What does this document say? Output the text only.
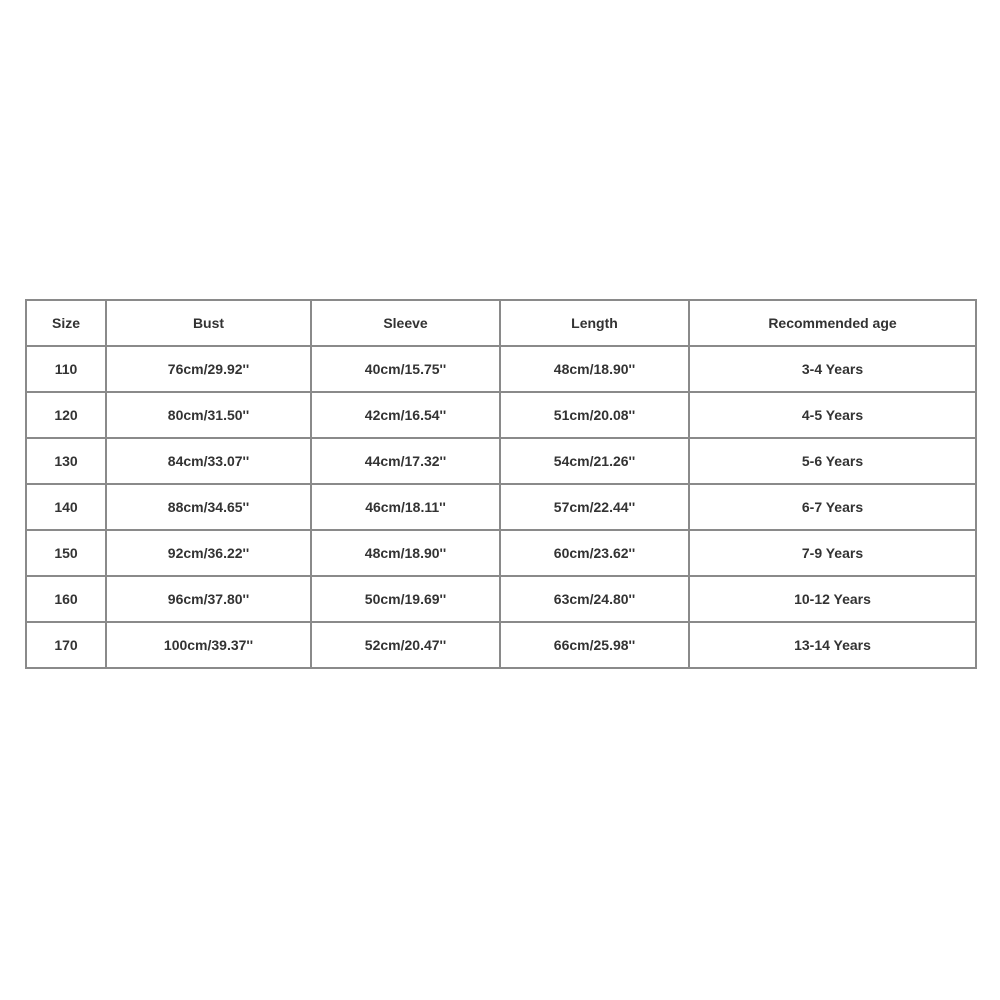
Size	Bust	Sleeve	Length	Recommended age
110	76cm/29.92''	40cm/15.75''	48cm/18.90''	3-4 Years
120	80cm/31.50''	42cm/16.54''	51cm/20.08''	4-5 Years
130	84cm/33.07''	44cm/17.32''	54cm/21.26''	5-6 Years
140	88cm/34.65''	46cm/18.11''	57cm/22.44''	6-7 Years
150	92cm/36.22''	48cm/18.90''	60cm/23.62''	7-9 Years
160	96cm/37.80''	50cm/19.69''	63cm/24.80''	10-12 Years
170	100cm/39.37''	52cm/20.47''	66cm/25.98''	13-14 Years
